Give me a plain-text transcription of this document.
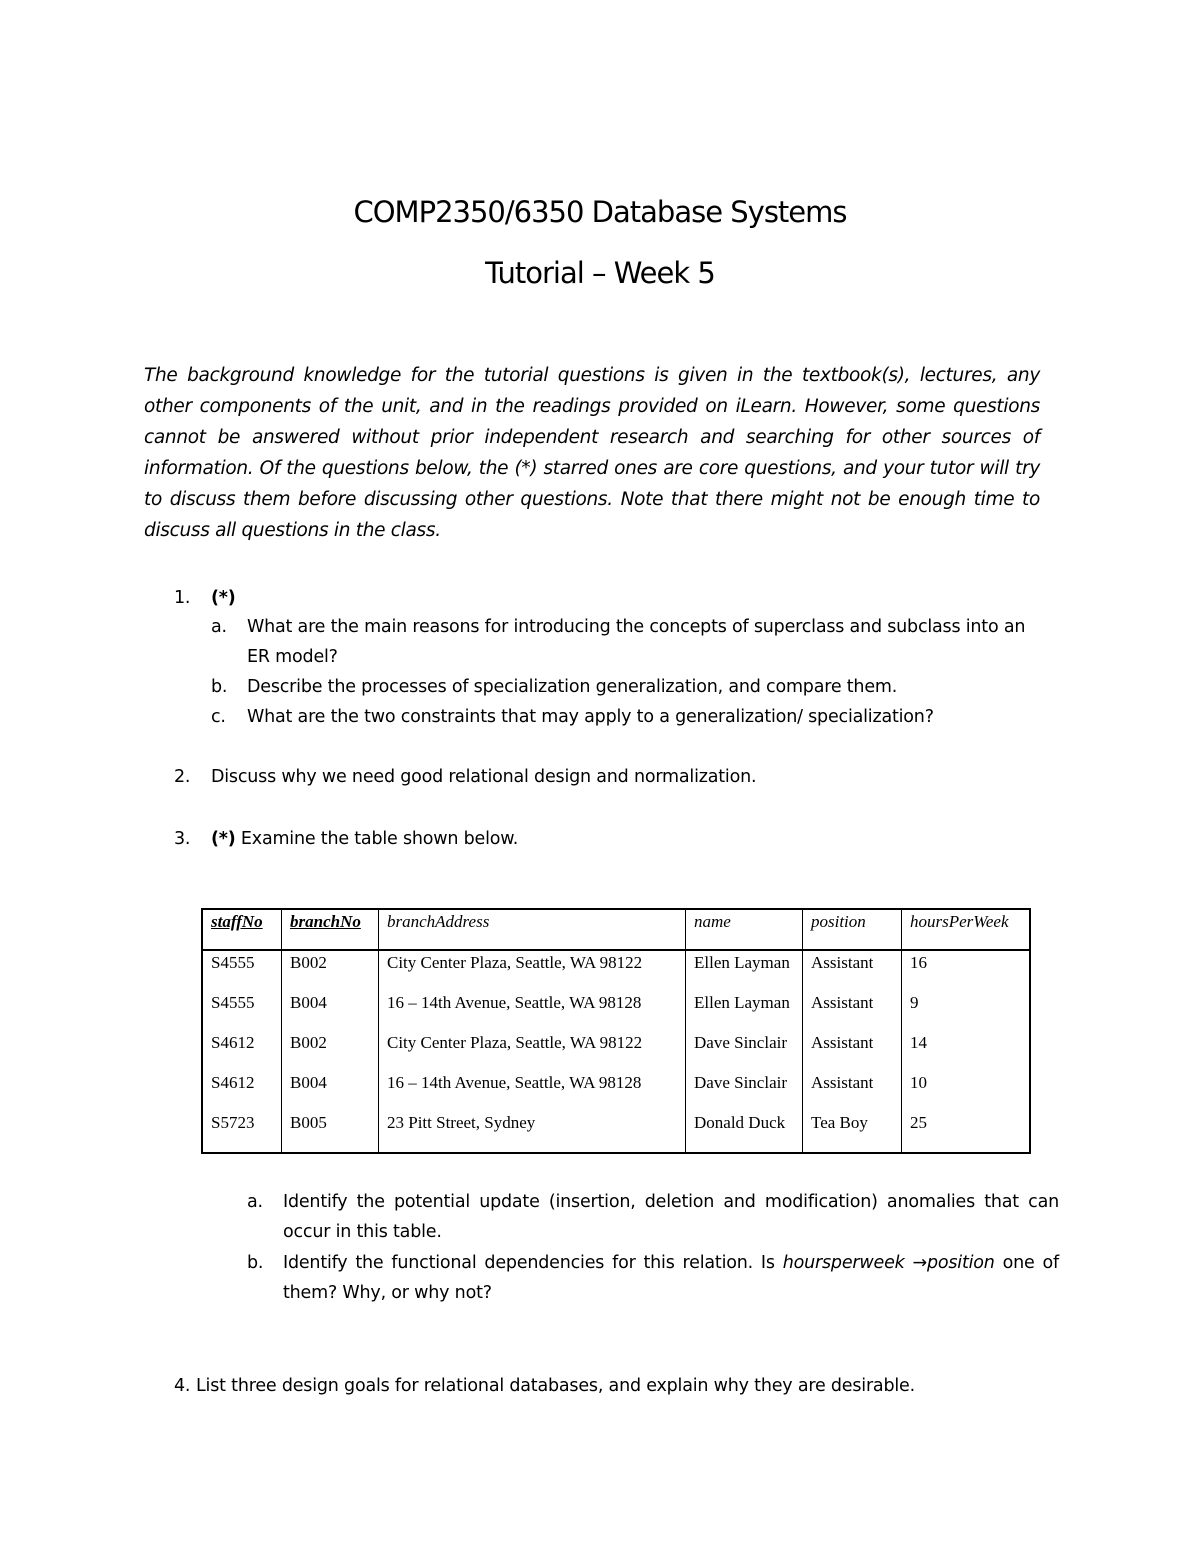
COMP2350/6350 Database Systems
Tutorial – Week 5
The background knowledge for the tutorial questions is given in the textbook(s), lectures, any other components of the unit, and in the readings provided on iLearn. However, some questions cannot be answered without prior independent research and searching for other sources of information. Of the questions below, the (*) starred ones are core questions, and your tutor will try to discuss them before discussing other questions. Note that there might not be enough time to discuss all questions in the class.
1. (*)
a. What are the main reasons for introducing the concepts of superclass and subclass into an ER model?
b. Describe the processes of specialization generalization, and compare them.
c. What are the two constraints that may apply to a generalization/ specialization?
2. Discuss why we need good relational design and normalization.
3. (*) Examine the table shown below.
staffNo	branchNo	branchAddress	name	position	hoursPerWeek
S4555	B002	City Center Plaza, Seattle, WA 98122	Ellen Layman	Assistant	16
S4555	B004	16 – 14th Avenue, Seattle, WA 98128	Ellen Layman	Assistant	9
S4612	B002	City Center Plaza, Seattle, WA 98122	Dave Sinclair	Assistant	14
S4612	B004	16 – 14th Avenue, Seattle, WA 98128	Dave Sinclair	Assistant	10
S5723	B005	23 Pitt Street, Sydney	Donald Duck	Tea Boy	25
a. Identify the potential update (insertion, deletion and modification) anomalies that can occur in this table.
b. Identify the functional dependencies for this relation. Is hoursperweek →position one of them? Why, or why not?
4. List three design goals for relational databases, and explain why they are desirable.
